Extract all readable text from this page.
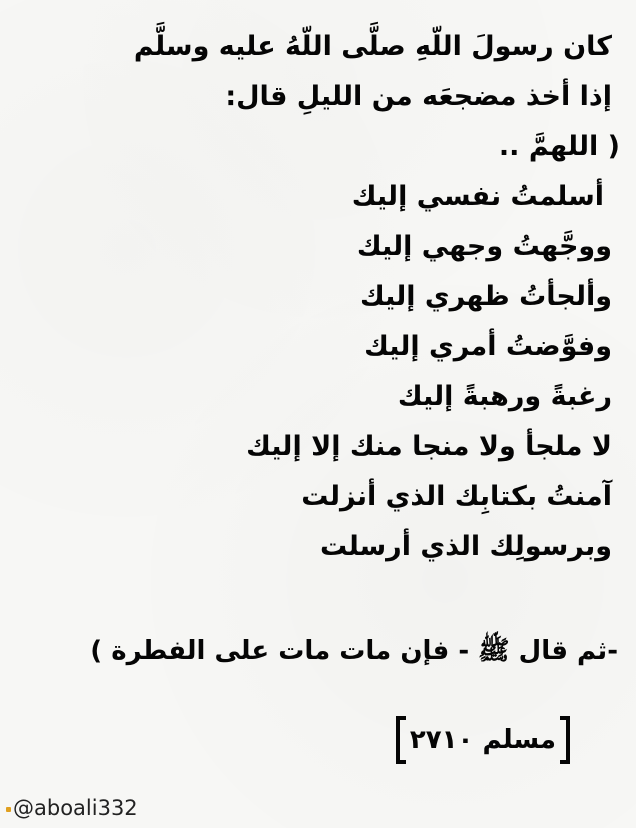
كان رسولَ اللّهِ صلَّى اللّهُ عليه وسلَّم
إذا أخذ مضجعَه من الليلِ قال:
( اللهمَّ ..
أسلمتُ نفسي إليك
ووجَّهتُ وجهي إليك
وألجأتُ ظهري إليك
وفوَّضتُ أمري إليك
رغبةً ورهبةً إليك
لا ملجأ ولا منجا منك إلا إليك
آمنتُ بكتابِك الذي أنزلت
وبرسولِك الذي أرسلت
-ثم قال ﷺ - فإن مات مات على الفطرة )
مسلم ٢٧١٠
@aboali332
